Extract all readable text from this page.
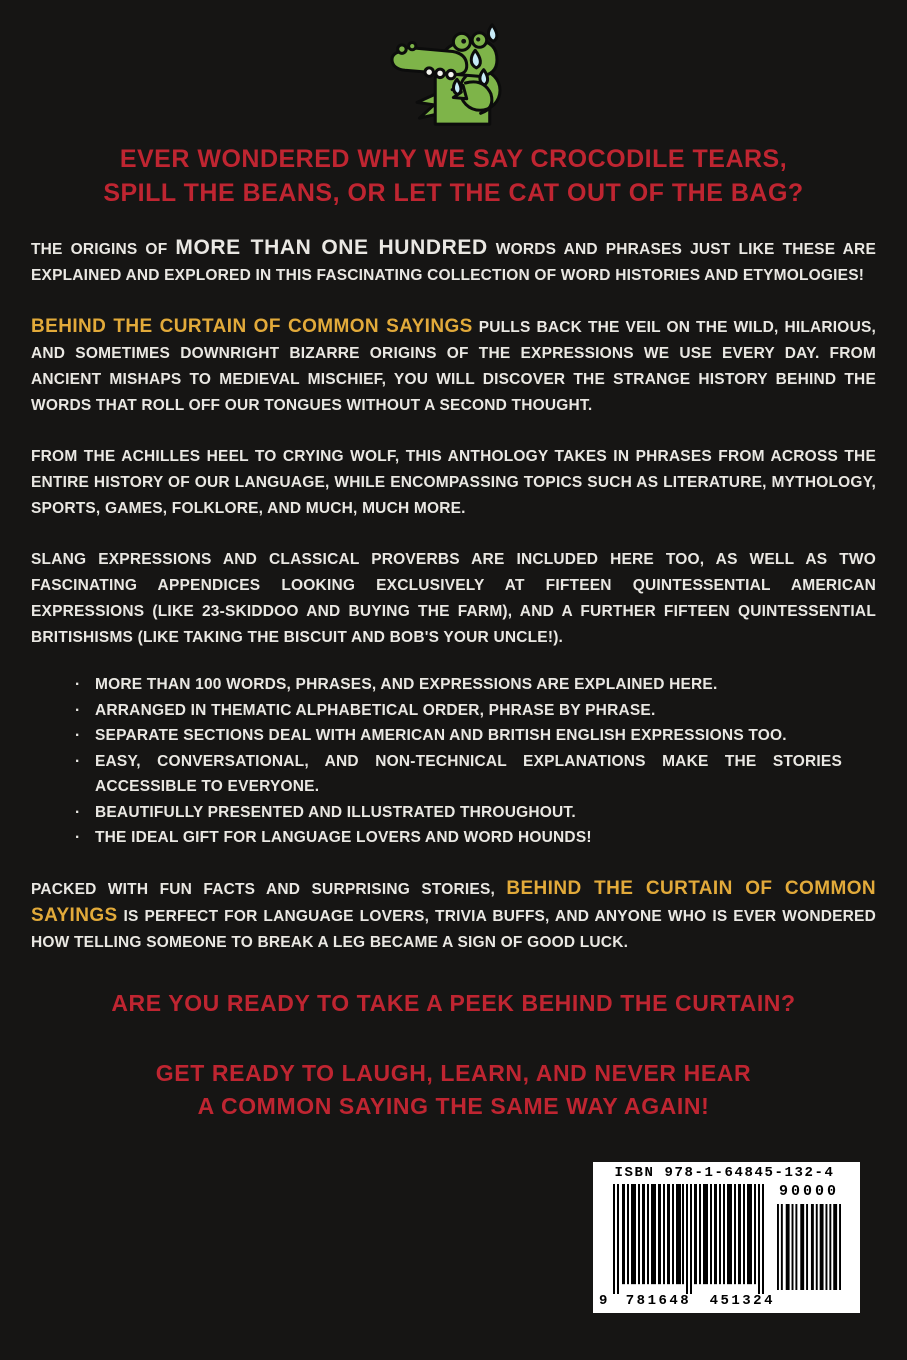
EVER WONDERED WHY WE SAY CROCODILE TEARS,
SPILL THE BEANS, OR LET THE CAT OUT OF THE BAG?

THE ORIGINS OF MORE THAN ONE HUNDRED WORDS AND PHRASES JUST LIKE THESE ARE EXPLAINED AND EXPLORED IN THIS FASCINATING COLLECTION OF WORD HISTORIES AND ETYMOLOGIES!

BEHIND THE CURTAIN OF COMMON SAYINGS PULLS BACK THE VEIL ON THE WILD, HILARIOUS, AND SOMETIMES DOWNRIGHT BIZARRE ORIGINS OF THE EXPRESSIONS WE USE EVERY DAY. FROM ANCIENT MISHAPS TO MEDIEVAL MISCHIEF, YOU WILL DISCOVER THE STRANGE HISTORY BEHIND THE WORDS THAT ROLL OFF OUR TONGUES WITHOUT A SECOND THOUGHT.

FROM THE ACHILLES HEEL TO CRYING WOLF, THIS ANTHOLOGY TAKES IN PHRASES FROM ACROSS THE ENTIRE HISTORY OF OUR LANGUAGE, WHILE ENCOMPASSING TOPICS SUCH AS LITERATURE, MYTHOLOGY, SPORTS, GAMES, FOLKLORE, AND MUCH, MUCH MORE.

SLANG EXPRESSIONS AND CLASSICAL PROVERBS ARE INCLUDED HERE TOO, AS WELL AS TWO FASCINATING APPENDICES LOOKING EXCLUSIVELY AT FIFTEEN QUINTESSENTIAL AMERICAN EXPRESSIONS (LIKE 23-SKIDDOO AND BUYING THE FARM), AND A FURTHER FIFTEEN QUINTESSENTIAL BRITISHISMS (LIKE TAKING THE BISCUIT AND BOB'S YOUR UNCLE!).

· MORE THAN 100 WORDS, PHRASES, AND EXPRESSIONS ARE EXPLAINED HERE.
· ARRANGED IN THEMATIC ALPHABETICAL ORDER, PHRASE BY PHRASE.
· SEPARATE SECTIONS DEAL WITH AMERICAN AND BRITISH ENGLISH EXPRESSIONS TOO.
· EASY, CONVERSATIONAL, AND NON-TECHNICAL EXPLANATIONS MAKE THE STORIES ACCESSIBLE TO EVERYONE.
· BEAUTIFULLY PRESENTED AND ILLUSTRATED THROUGHOUT.
· THE IDEAL GIFT FOR LANGUAGE LOVERS AND WORD HOUNDS!

PACKED WITH FUN FACTS AND SURPRISING STORIES, BEHIND THE CURTAIN OF COMMON SAYINGS IS PERFECT FOR LANGUAGE LOVERS, TRIVIA BUFFS, AND ANYONE WHO IS EVER WONDERED HOW TELLING SOMEONE TO BREAK A LEG BECAME A SIGN OF GOOD LUCK.

ARE YOU READY TO TAKE A PEEK BEHIND THE CURTAIN?
GET READY TO LAUGH, LEARN, AND NEVER HEAR
A COMMON SAYING THE SAME WAY AGAIN!
ISBN 978-1-64845-132-4
90000
9 781648 451324
